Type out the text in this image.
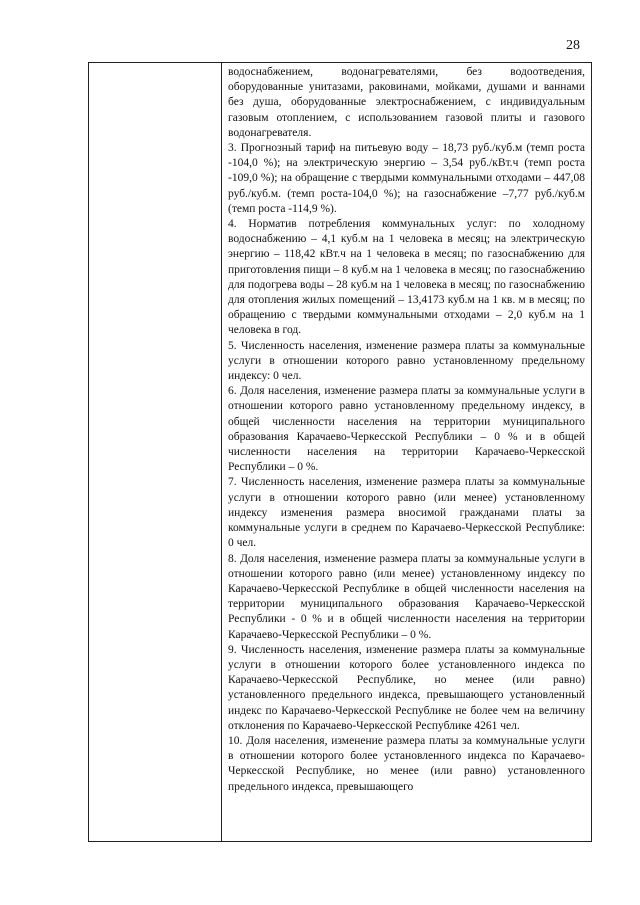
28

водоснабжением, водонагревателями, без водоотведения, оборудованные унитазами, раковинами, мойками, душами и ваннами без душа, оборудованные электроснабжением, с индивидуальным газовым отоплением, с использованием газовой плиты и газового водонагревателя.

3. Прогнозный тариф на питьевую воду – 18,73 руб./куб.м (темп роста -104,0 %); на электрическую энергию – 3,54 руб./кВт.ч (темп роста -109,0 %); на обращение с твердыми коммунальными отходами – 447,08 руб./куб.м. (темп роста-104,0 %); на газоснабжение –7,77 руб./куб.м (темп роста -114,9 %).

4. Норматив потребления коммунальных услуг: по холодному водоснабжению – 4,1 куб.м на 1 человека в месяц; на электрическую энергию – 118,42 кВт.ч на 1 человека в месяц; по газоснабжению для приготовления пищи – 8 куб.м на 1 человека в месяц; по газоснабжению для подогрева воды – 28 куб.м на 1 человека в месяц; по газоснабжению для отопления жилых помещений – 13,4173 куб.м на 1 кв. м в месяц; по обращению с твердыми коммунальными отходами – 2,0 куб.м на 1 человека в год.

5. Численность населения, изменение размера платы за коммунальные услуги в отношении которого равно установленному предельному индексу: 0 чел.

6. Доля населения, изменение размера платы за коммунальные услуги в отношении которого равно установленному предельному индексу, в общей численности населения на территории муниципального образования Карачаево-Черкесской Республики – 0 % и в общей численности населения на территории Карачаево-Черкесской Республики – 0 %.

7. Численность населения, изменение размера платы за коммунальные услуги в отношении которого равно (или менее) установленному индексу изменения размера вносимой гражданами платы за коммунальные услуги в среднем по Карачаево-Черкесской Республике: 0 чел.

8. Доля населения, изменение размера платы за коммунальные услуги в отношении которого равно (или менее) установленному индексу по Карачаево-Черкесской Республике в общей численности населения на территории муниципального образования Карачаево-Черкесской Республики - 0 % и в общей численности населения на территории Карачаево-Черкесской Республики – 0 %.

9. Численность населения, изменение размера платы за коммунальные услуги в отношении которого более установленного индекса по Карачаево-Черкесской Республике, но менее (или равно) установленного предельного индекса, превышающего установленный индекс по Карачаево-Черкесской Республике не более чем на величину отклонения по Карачаево-Черкесской Республике 4261 чел.

10. Доля населения, изменение размера платы за коммунальные услуги в отношении которого более установленного индекса по Карачаево-Черкесской Республике, но менее (или равно) установленного предельного индекса, превышающего
